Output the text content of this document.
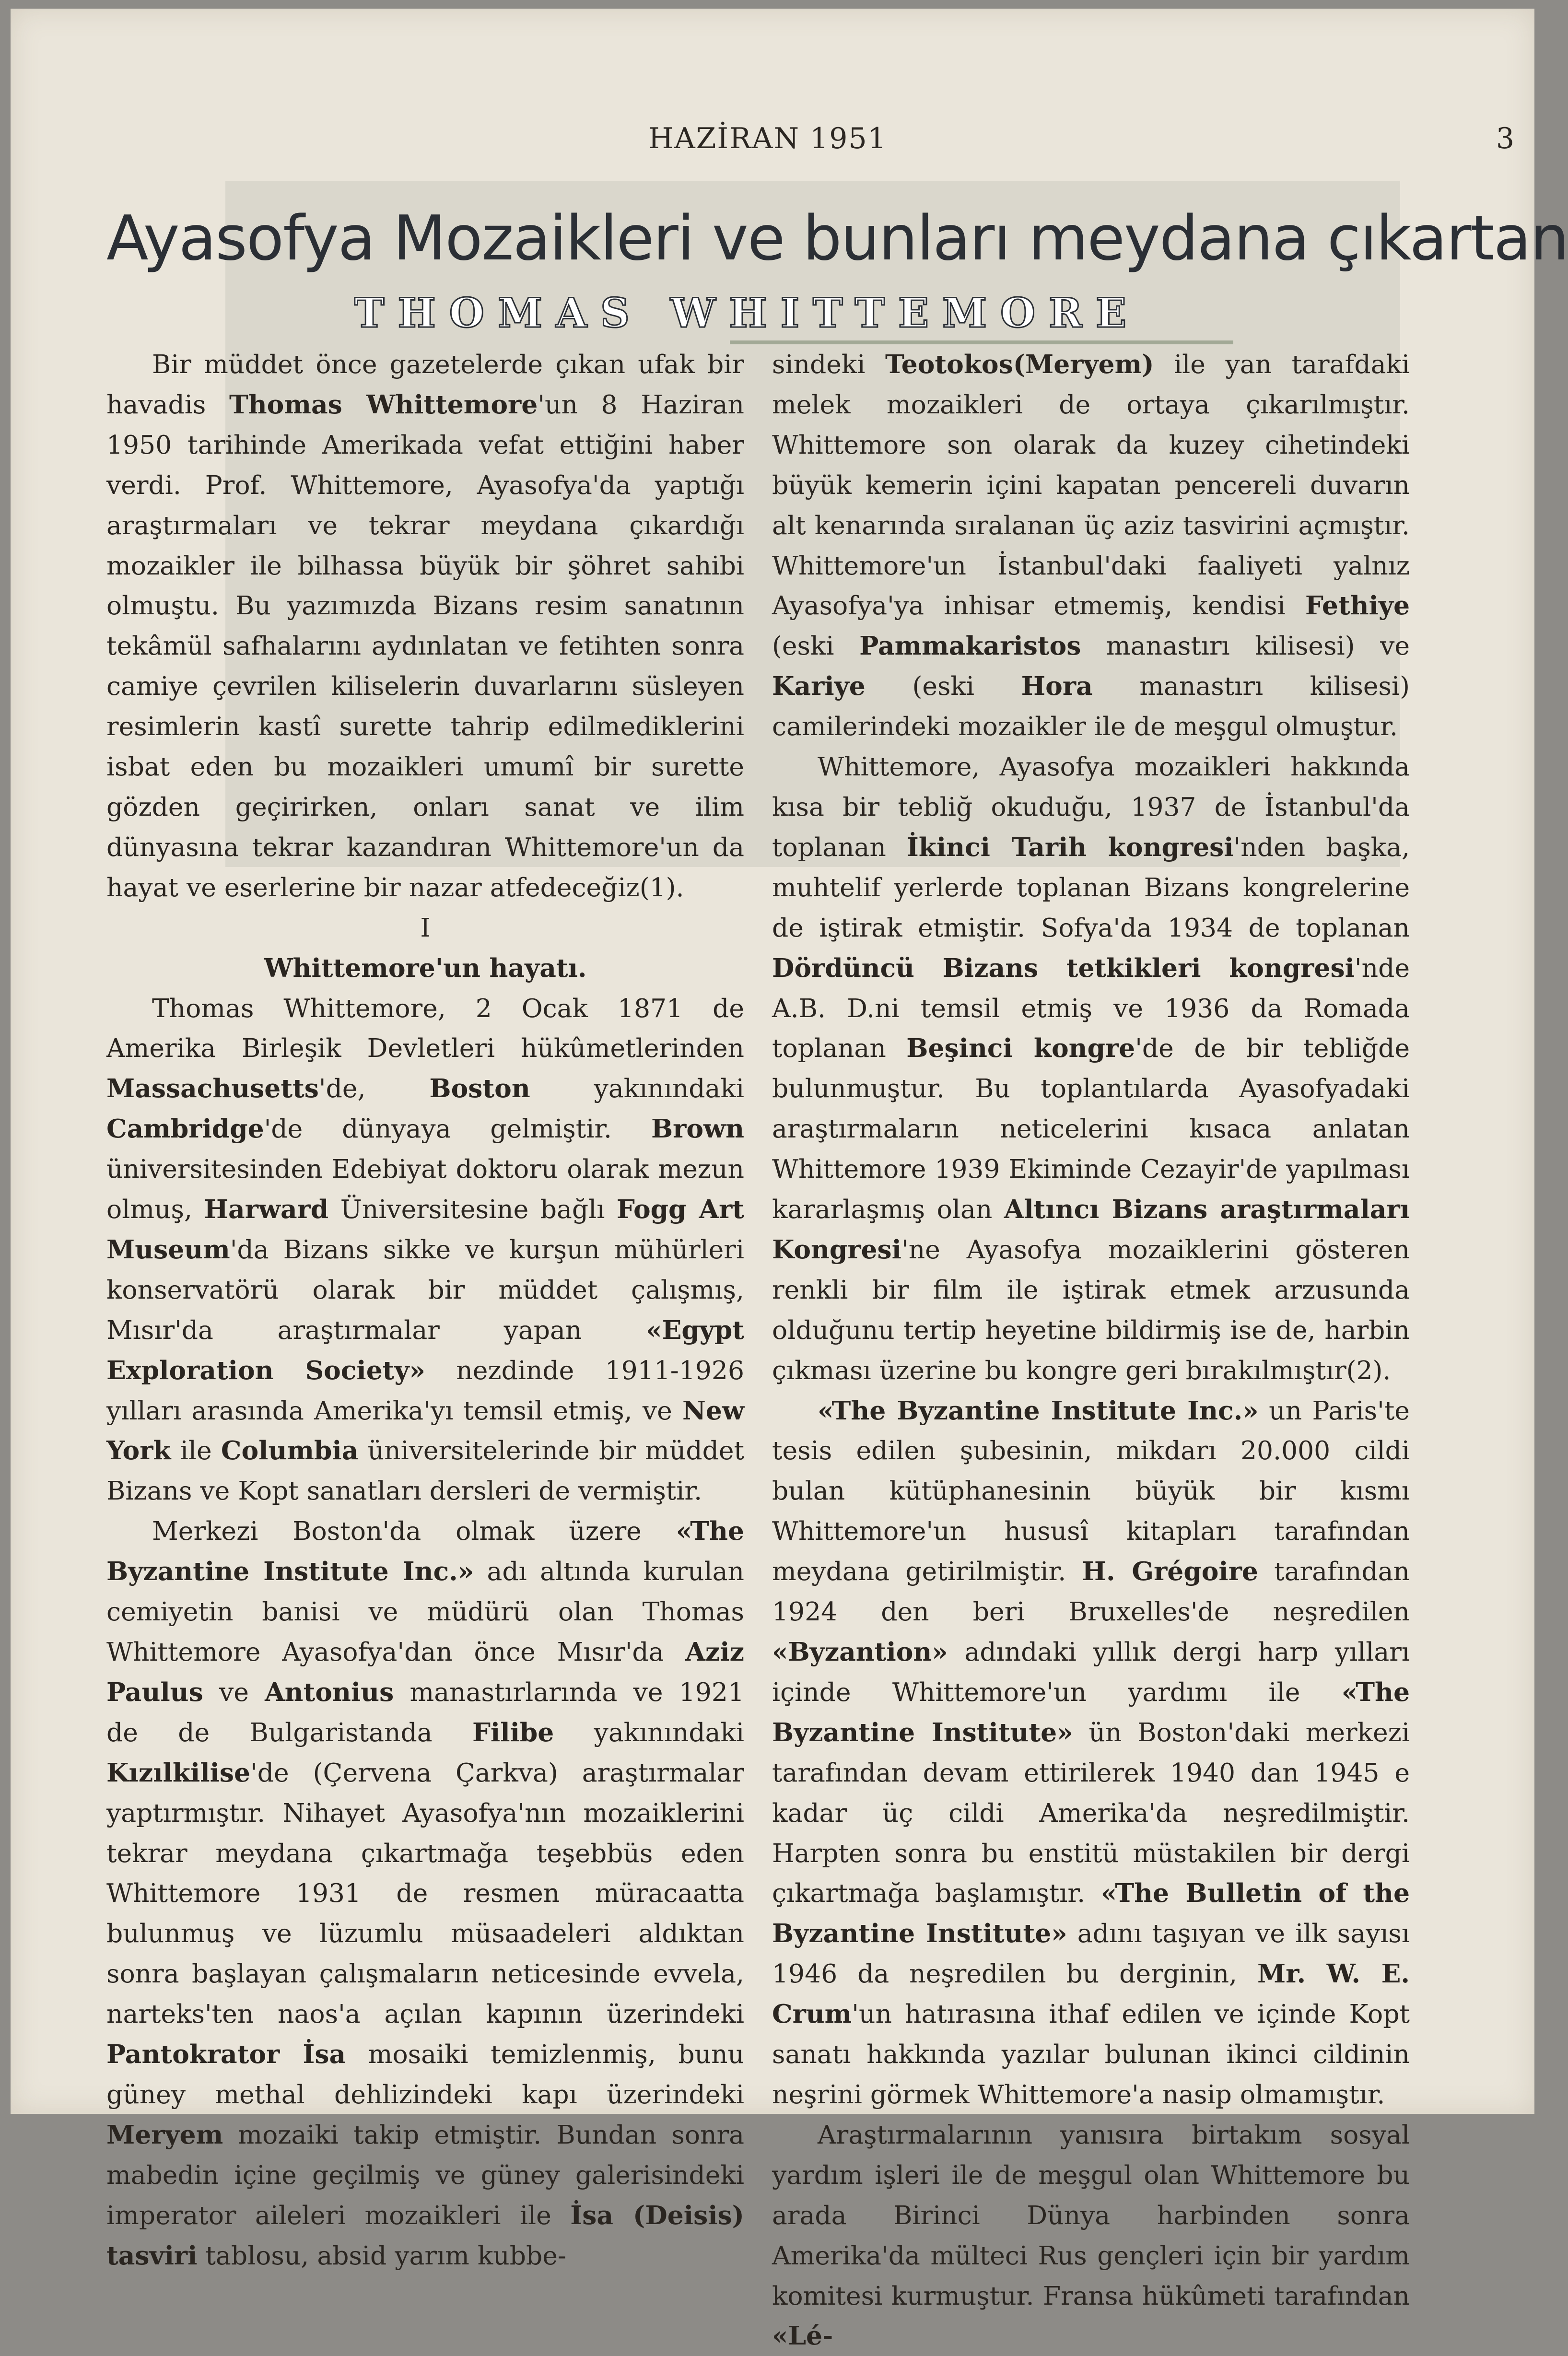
HAZİRAN 1951	3
Ayasofya Mozaikleri ve bunları meydana çıkartan
THOMAS WHITTEMORE

Bir müddet önce gazetelerde çıkan ufak bir havadis Thomas Whittemore'un 8 Haziran 1950 tarihinde Amerikada vefat ettiğini haber verdi. Prof. Whittemore, Ayasofya'da yaptığı araştırmaları ve tekrar meydana çıkardığı mozaikler ile bilhassa büyük bir şöhret sahibi olmuştu. Bu yazımızda Bizans resim sanatının tekâmül safhalarını aydınlatan ve fetihten sonra camiye çevrilen kiliselerin duvarlarını süsleyen resimlerin kastî surette tahrip edilmediklerini isbat eden bu mozaikleri umumî bir surette gözden geçirirken, onları sanat ve ilim dünyasına tekrar kazandıran Whittemore'un da hayat ve eserlerine bir nazar atfedeceğiz(1).

I

Whittemore'un hayatı.

Thomas Whittemore, 2 Ocak 1871 de Amerika Birleşik Devletleri hükûmetlerinden Massachusetts'de, Boston yakınındaki Cambridge'de dünyaya gelmiştir. Brown üniversitesinden Edebiyat doktoru olarak mezun olmuş, Harward Üniversitesine bağlı Fogg Art Museum'da Bizans sikke ve kurşun mühürleri konservatörü olarak bir müddet çalışmış, Mısır'da araştırmalar yapan «Egypt Exploration Society» nezdinde 1911-1926 yılları arasında Amerika'yı temsil etmiş, ve New York ile Columbia üniversitelerinde bir müddet Bizans ve Kopt sanatları dersleri de vermiştir.

Merkezi Boston'da olmak üzere «The Byzantine Institute Inc.» adı altında kurulan cemiyetin banisi ve müdürü olan Thomas Whittemore Ayasofya'dan önce Mısır'da Aziz Paulus ve Antonius manastırlarında ve 1921 de de Bulgaristanda Filibe yakınındaki Kızılkilise'de (Çervena Çarkva) araştırmalar yaptırmıştır. Nihayet Ayasofya'nın mozaiklerini tekrar meydana çıkartmağa teşebbüs eden Whittemore 1931 de resmen müracaatta bulunmuş ve lüzumlu müsaadeleri aldıktan sonra başlayan çalışmaların neticesinde evvela, narteks'ten naos'a açılan kapının üzerindeki Pantokrator İsa mosaiki temizlenmiş, bunu güney methal dehlizindeki kapı üzerindeki Meryem mozaiki takip etmiştir. Bundan sonra mabedin içine geçilmiş ve güney galerisindeki imperator aileleri mozaikleri ile İsa (Deisis) tasviri tablosu, absid yarım kubbe-

sindeki Teotokos(Meryem) ile yan tarafdaki melek mozaikleri de ortaya çıkarılmıştır. Whittemore son olarak da kuzey cihetindeki büyük kemerin içini kapatan pencereli duvarın alt kenarında sıralanan üç aziz tasvirini açmıştır. Whittemore'un İstanbul'daki faaliyeti yalnız Ayasofya'ya inhisar etmemiş, kendisi Fethiye (eski Pammakaristos manastırı kilisesi) ve Kariye (eski Hora manastırı kilisesi) camilerindeki mozaikler ile de meşgul olmuştur.

Whittemore, Ayasofya mozaikleri hakkında kısa bir tebliğ okuduğu, 1937 de İstanbul'da toplanan İkinci Tarih kongresi'nden başka, muhtelif yerlerde toplanan Bizans kongrelerine de iştirak etmiştir. Sofya'da 1934 de toplanan Dördüncü Bizans tetkikleri kongresi'nde A.B. D.ni temsil etmiş ve 1936 da Romada toplanan Beşinci kongre'de de bir tebliğde bulunmuştur. Bu toplantılarda Ayasofyadaki araştırmaların neticelerini kısaca anlatan Whittemore 1939 Ekiminde Cezayir'de yapılması kararlaşmış olan Altıncı Bizans araştırmaları Kongresi'ne Ayasofya mozaiklerini gösteren renkli bir film ile iştirak etmek arzusunda olduğunu tertip heyetine bildirmiş ise de, harbin çıkması üzerine bu kongre geri bırakılmıştır(2).

«The Byzantine Institute Inc.» un Paris'te tesis edilen şubesinin, mikdarı 20.000 cildi bulan kütüphanesinin büyük bir kısmı Whittemore'un hususî kitapları tarafından meydana getirilmiştir. H. Grégoire tarafından 1924 den beri Bruxelles'de neşredilen «Byzantion» adındaki yıllık dergi harp yılları içinde Whittemore'un yardımı ile «The Byzantine Institute» ün Boston'daki merkezi tarafından devam ettirilerek 1940 dan 1945 e kadar üç cildi Amerika'da neşredilmiştir. Harpten sonra bu enstitü müstakilen bir dergi çıkartmağa başlamıştır. «The Bulletin of the Byzantine Institute» adını taşıyan ve ilk sayısı 1946 da neşredilen bu derginin, Mr. W. E. Crum'un hatırasına ithaf edilen ve içinde Kopt sanatı hakkında yazılar bulunan ikinci cildinin neşrini görmek Whittemore'a nasip olmamıştır.

Araştırmalarının yanısıra birtakım sosyal yardım işleri ile de meşgul olan Whittemore bu arada Birinci Dünya harbinden sonra Amerika'da mülteci Rus gençleri için bir yardım komitesi kurmuştur. Fransa hükûmeti tarafından «Lé-
